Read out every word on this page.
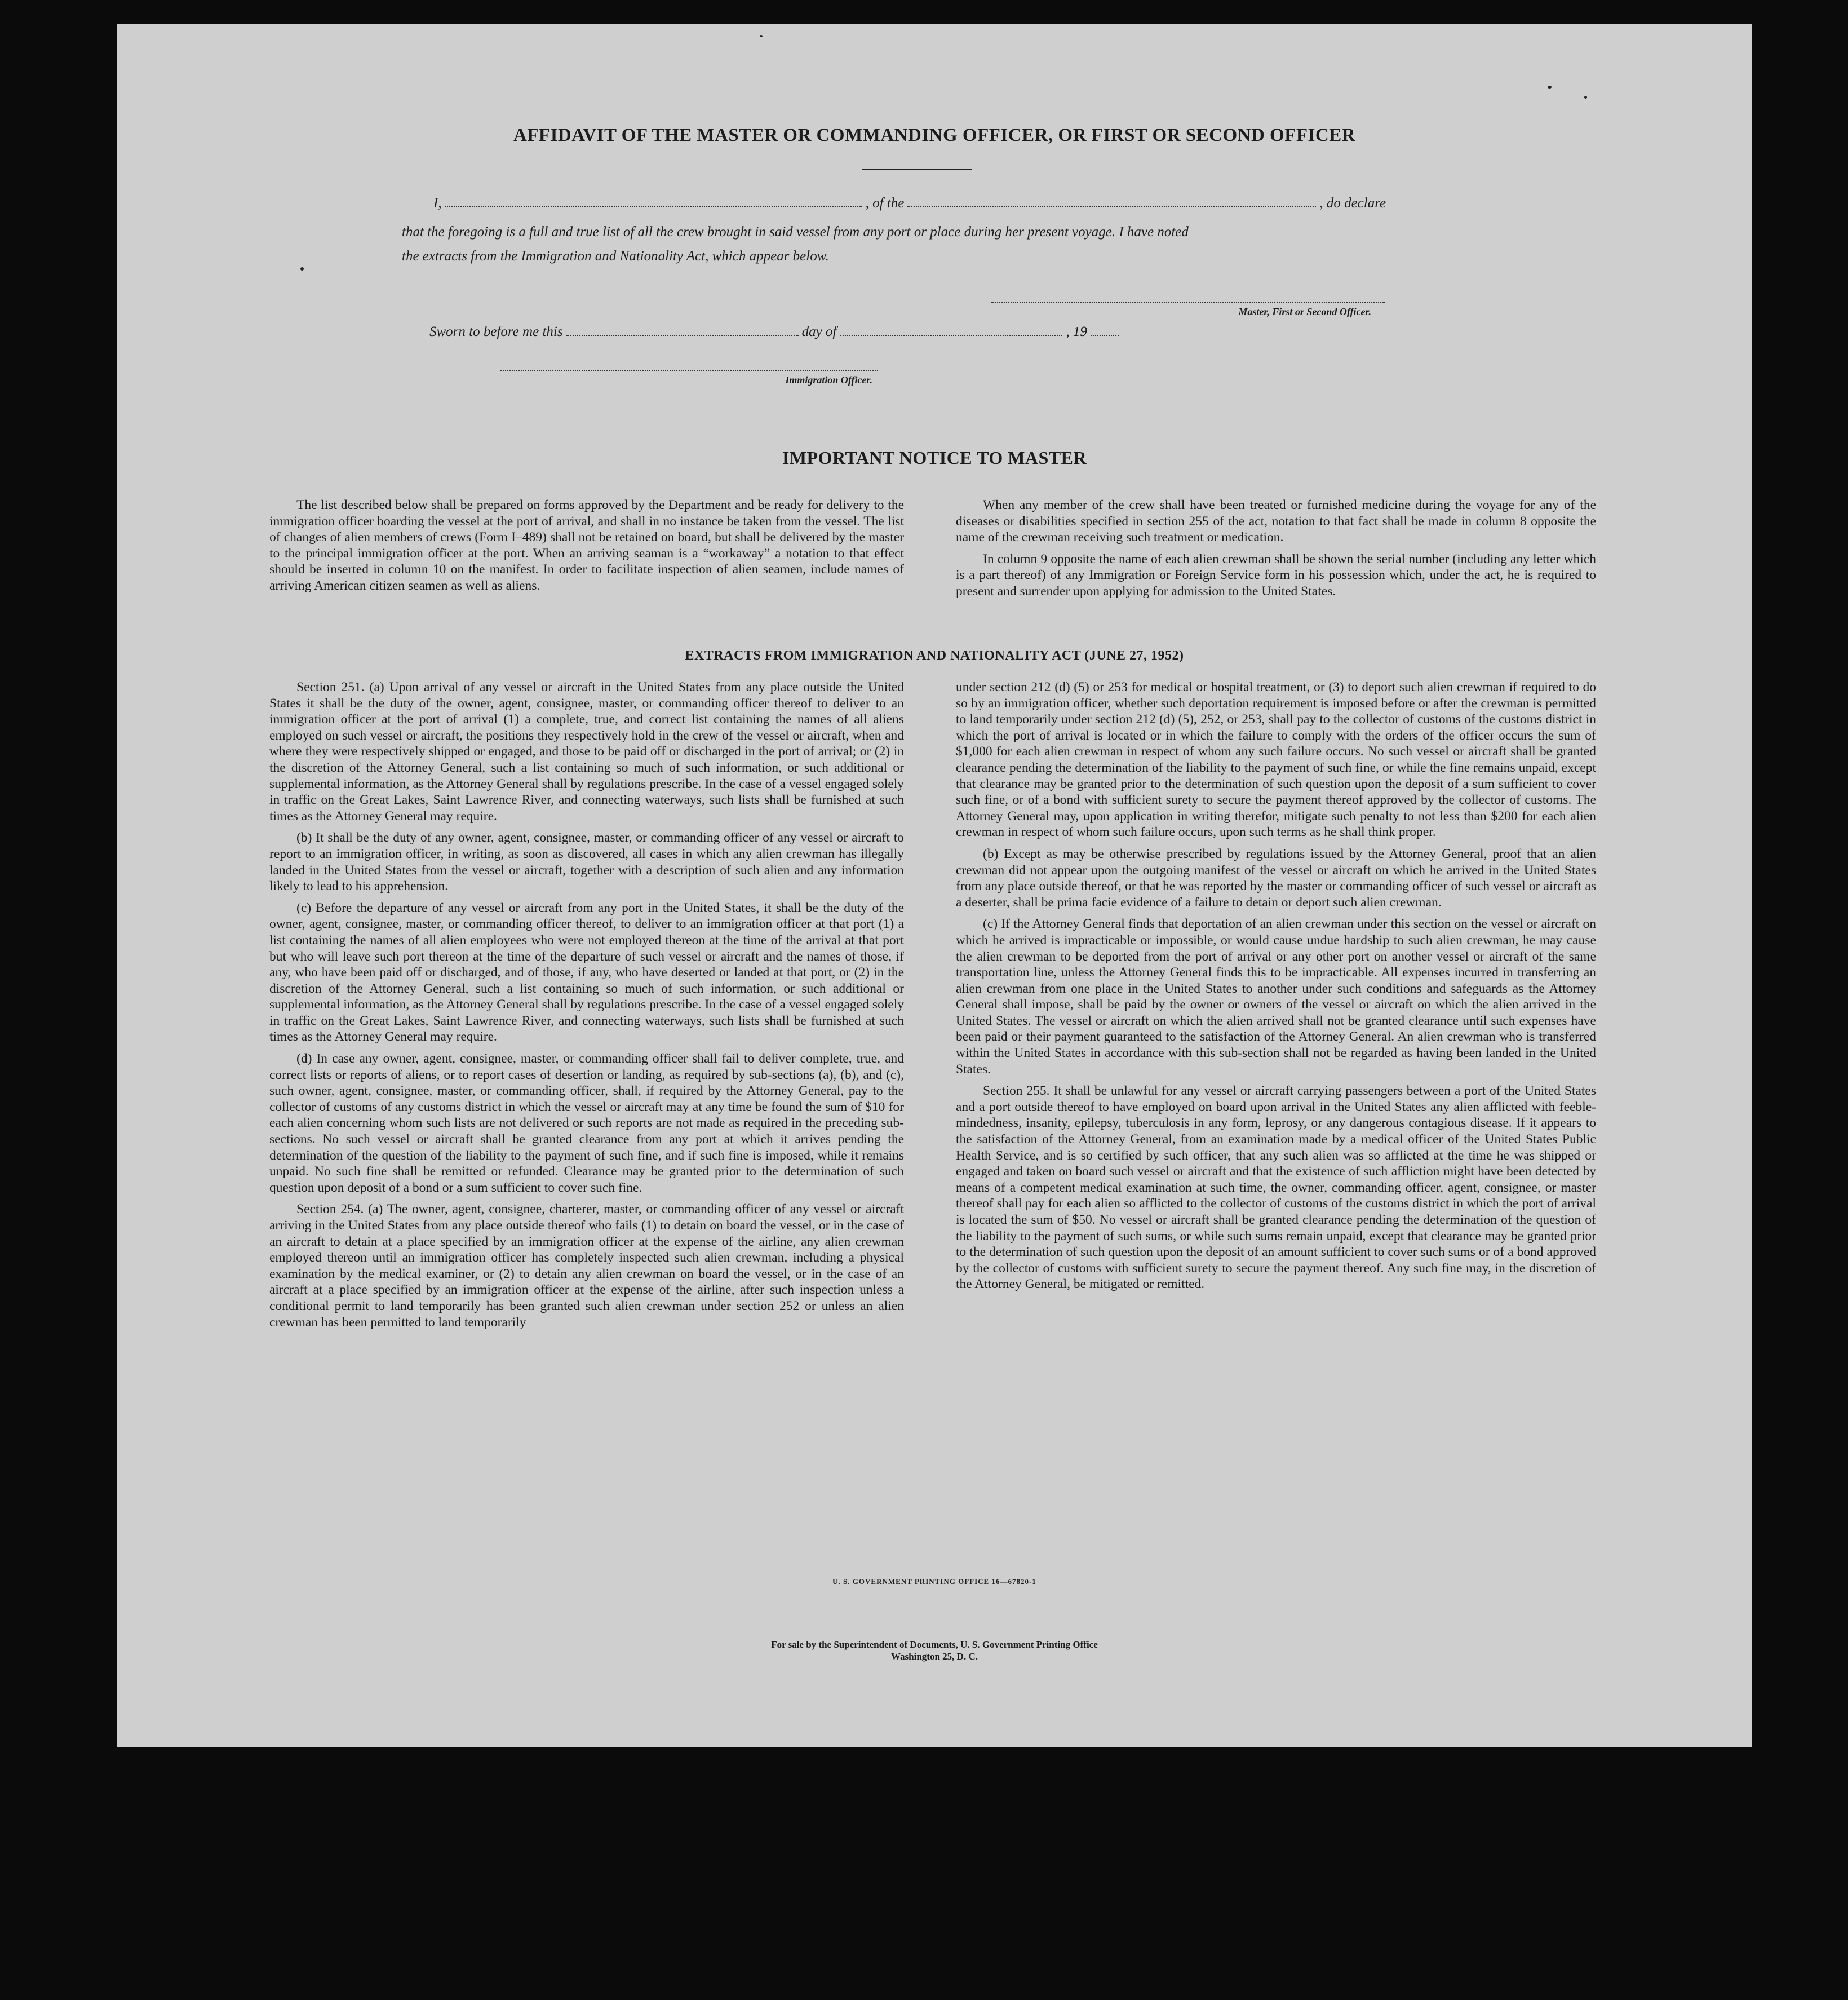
AFFIDAVIT OF THE MASTER OR COMMANDING OFFICER, OR FIRST OR SECOND OFFICER
I,	, of the	, do declare
that the foregoing is a full and true list of all the crew brought in said vessel from any port or place during her present voyage. I have noted
the extracts from the Immigration and Nationality Act, which appear below.
Master, First or Second Officer.
Sworn to before me this	day of	, 19
Immigration Officer.
IMPORTANT NOTICE TO MASTER

The list described below shall be prepared on forms approved by the Department and be ready for delivery to the immigration officer boarding the vessel at the port of arrival, and shall in no instance be taken from the vessel. The list of changes of alien members of crews (Form I–489) shall not be retained on board, but shall be delivered by the master to the principal immigration officer at the port. When an arriving seaman is a “workaway” a notation to that effect should be inserted in column 10 on the manifest. In order to facilitate inspection of alien seamen, include names of arriving American citizen seamen as well as aliens.

When any member of the crew shall have been treated or furnished medicine during the voyage for any of the diseases or disabilities specified in section 255 of the act, notation to that fact shall be made in column 8 opposite the name of the crewman receiving such treatment or medication.

In column 9 opposite the name of each alien crewman shall be shown the serial number (including any letter which is a part thereof) of any Immigration or Foreign Service form in his possession which, under the act, he is required to present and surrender upon applying for admission to the United States.

EXTRACTS FROM IMMIGRATION AND NATIONALITY ACT (JUNE 27, 1952)

Section 251. (a) Upon arrival of any vessel or aircraft in the United States from any place outside the United States it shall be the duty of the owner, agent, consignee, master, or commanding officer thereof to deliver to an immigration officer at the port of arrival (1) a complete, true, and correct list containing the names of all aliens employed on such vessel or aircraft, the positions they respectively hold in the crew of the vessel or aircraft, when and where they were respectively shipped or engaged, and those to be paid off or discharged in the port of arrival; or (2) in the discretion of the Attorney General, such a list containing so much of such information, or such additional or supplemental information, as the Attorney General shall by regulations prescribe. In the case of a vessel engaged solely in traffic on the Great Lakes, Saint Lawrence River, and connecting waterways, such lists shall be furnished at such times as the Attorney General may require.

(b) It shall be the duty of any owner, agent, consignee, master, or commanding officer of any vessel or aircraft to report to an immigration officer, in writing, as soon as discovered, all cases in which any alien crewman has illegally landed in the United States from the vessel or aircraft, together with a description of such alien and any information likely to lead to his apprehension.

(c) Before the departure of any vessel or aircraft from any port in the United States, it shall be the duty of the owner, agent, consignee, master, or commanding officer thereof, to deliver to an immigration officer at that port (1) a list containing the names of all alien employees who were not employed thereon at the time of the arrival at that port but who will leave such port thereon at the time of the departure of such vessel or aircraft and the names of those, if any, who have been paid off or discharged, and of those, if any, who have deserted or landed at that port, or (2) in the discretion of the Attorney General, such a list containing so much of such information, or such additional or supplemental information, as the Attorney General shall by regulations prescribe. In the case of a vessel engaged solely in traffic on the Great Lakes, Saint Lawrence River, and connecting waterways, such lists shall be furnished at such times as the Attorney General may require.

(d) In case any owner, agent, consignee, master, or commanding officer shall fail to deliver complete, true, and correct lists or reports of aliens, or to report cases of desertion or landing, as required by sub-sections (a), (b), and (c), such owner, agent, consignee, master, or commanding officer, shall, if required by the Attorney General, pay to the collector of customs of any customs district in which the vessel or aircraft may at any time be found the sum of $10 for each alien concerning whom such lists are not delivered or such reports are not made as required in the preceding sub-sections. No such vessel or aircraft shall be granted clearance from any port at which it arrives pending the determination of the question of the liability to the payment of such fine, and if such fine is imposed, while it remains unpaid. No such fine shall be remitted or refunded. Clearance may be granted prior to the determination of such question upon deposit of a bond or a sum sufficient to cover such fine.

Section 254. (a) The owner, agent, consignee, charterer, master, or commanding officer of any vessel or aircraft arriving in the United States from any place outside thereof who fails (1) to detain on board the vessel, or in the case of an aircraft to detain at a place specified by an immigration officer at the expense of the airline, any alien crewman employed thereon until an immigration officer has completely inspected such alien crewman, including a physical examination by the medical examiner, or (2) to detain any alien crewman on board the vessel, or in the case of an aircraft at a place specified by an immigration officer at the expense of the airline, after such inspection unless a conditional permit to land temporarily has been granted such alien crewman under section 252 or unless an alien crewman has been permitted to land temporarily

under section 212 (d) (5) or 253 for medical or hospital treatment, or (3) to deport such alien crewman if required to do so by an immigration officer, whether such deportation requirement is imposed before or after the crewman is permitted to land temporarily under section 212 (d) (5), 252, or 253, shall pay to the collector of customs of the customs district in which the port of arrival is located or in which the failure to comply with the orders of the officer occurs the sum of $1,000 for each alien crewman in respect of whom any such failure occurs. No such vessel or aircraft shall be granted clearance pending the determination of the liability to the payment of such fine, or while the fine remains unpaid, except that clearance may be granted prior to the determination of such question upon the deposit of a sum sufficient to cover such fine, or of a bond with sufficient surety to secure the payment thereof approved by the collector of customs. The Attorney General may, upon application in writing therefor, mitigate such penalty to not less than $200 for each alien crewman in respect of whom such failure occurs, upon such terms as he shall think proper.

(b) Except as may be otherwise prescribed by regulations issued by the Attorney General, proof that an alien crewman did not appear upon the outgoing manifest of the vessel or aircraft on which he arrived in the United States from any place outside thereof, or that he was reported by the master or commanding officer of such vessel or aircraft as a deserter, shall be prima facie evidence of a failure to detain or deport such alien crewman.

(c) If the Attorney General finds that deportation of an alien crewman under this section on the vessel or aircraft on which he arrived is impracticable or impossible, or would cause undue hardship to such alien crewman, he may cause the alien crewman to be deported from the port of arrival or any other port on another vessel or aircraft of the same transportation line, unless the Attorney General finds this to be impracticable. All expenses incurred in transferring an alien crewman from one place in the United States to another under such conditions and safeguards as the Attorney General shall impose, shall be paid by the owner or owners of the vessel or aircraft on which the alien arrived in the United States. The vessel or aircraft on which the alien arrived shall not be granted clearance until such expenses have been paid or their payment guaranteed to the satisfaction of the Attorney General. An alien crewman who is transferred within the United States in accordance with this sub-section shall not be regarded as having been landed in the United States.

Section 255. It shall be unlawful for any vessel or aircraft carrying passengers between a port of the United States and a port outside thereof to have employed on board upon arrival in the United States any alien afflicted with feeble-mindedness, insanity, epilepsy, tuberculosis in any form, leprosy, or any dangerous contagious disease. If it appears to the satisfaction of the Attorney General, from an examination made by a medical officer of the United States Public Health Service, and is so certified by such officer, that any such alien was so afflicted at the time he was shipped or engaged and taken on board such vessel or aircraft and that the existence of such affliction might have been detected by means of a competent medical examination at such time, the owner, commanding officer, agent, consignee, or master thereof shall pay for each alien so afflicted to the collector of customs of the customs district in which the port of arrival is located the sum of $50. No vessel or aircraft shall be granted clearance pending the determination of the question of the liability to the payment of such sums, or while such sums remain unpaid, except that clearance may be granted prior to the determination of such question upon the deposit of an amount sufficient to cover such sums or of a bond approved by the collector of customs with sufficient surety to secure the payment thereof. Any such fine may, in the discretion of the Attorney General, be mitigated or remitted.

U. S. GOVERNMENT PRINTING OFFICE 16—67820-1
For sale by the Superintendent of Documents, U. S. Government Printing Office
Washington 25, D. C.
